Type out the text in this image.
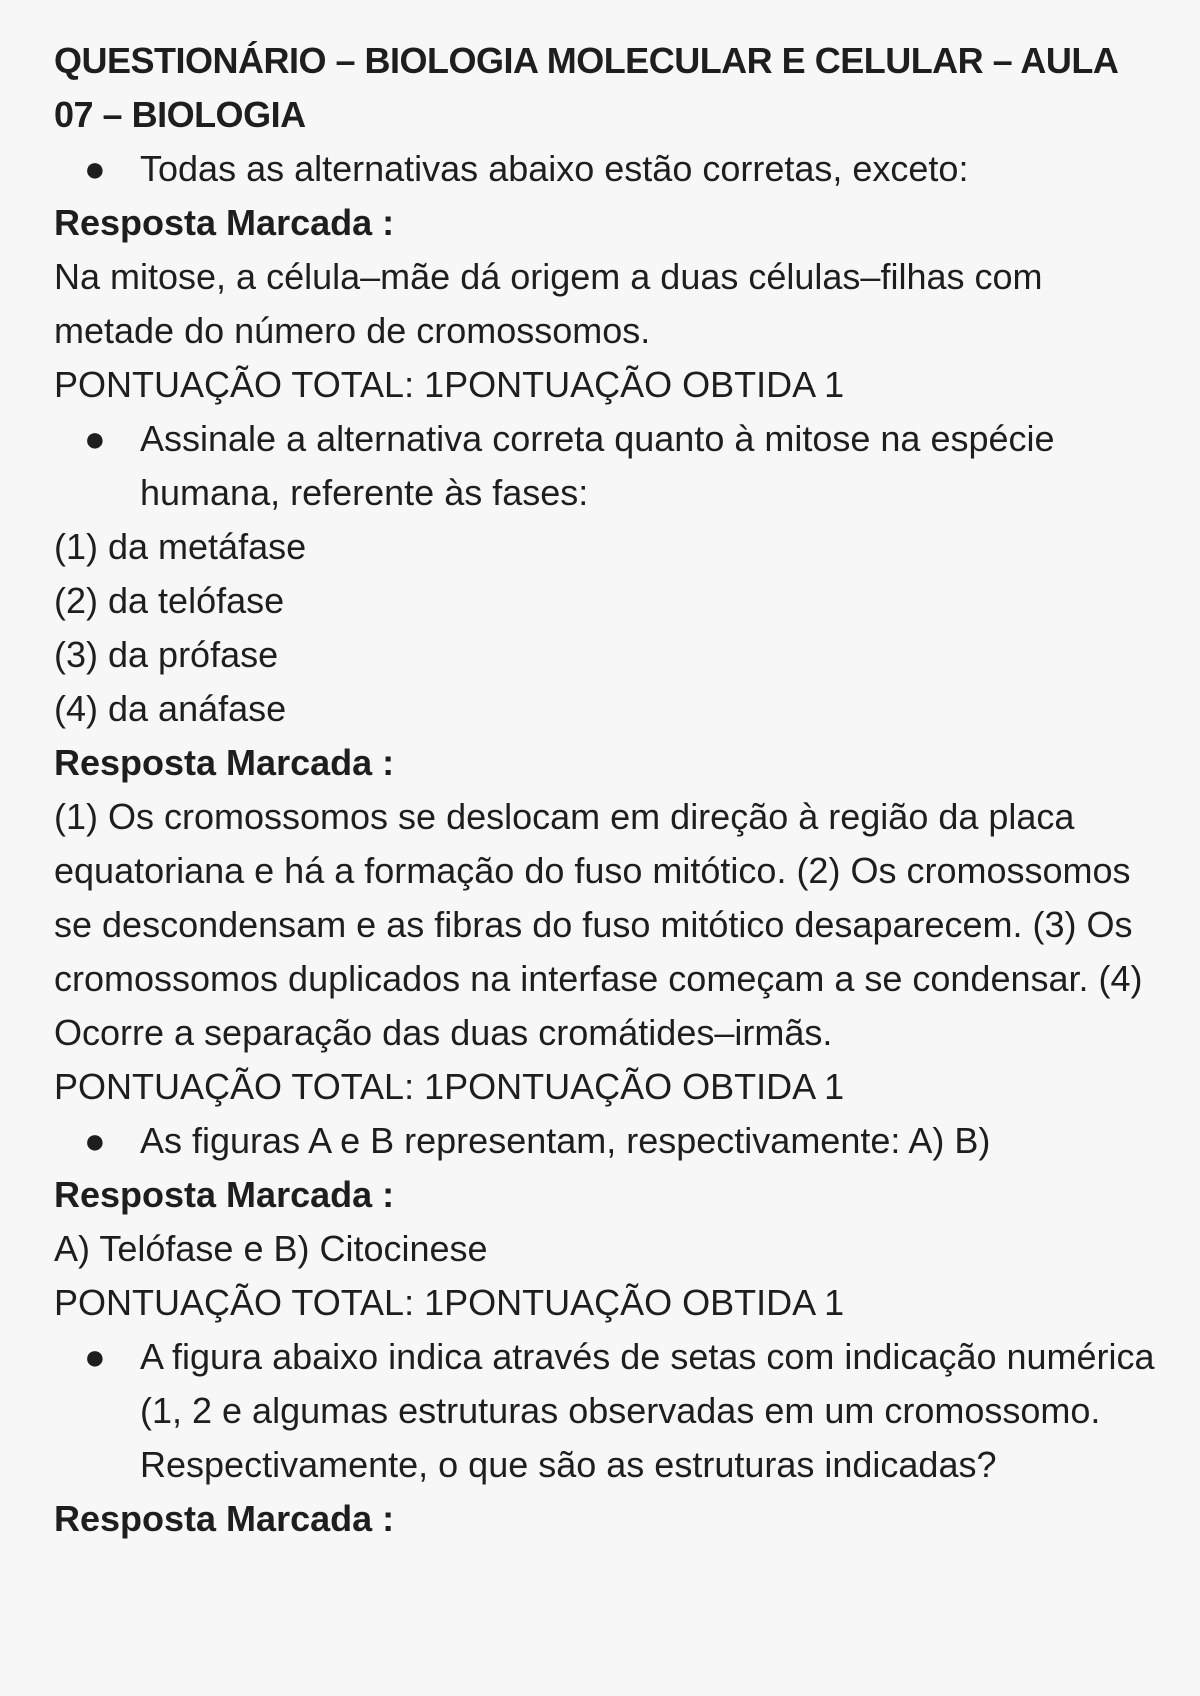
QUESTIONÁRIO – BIOLOGIA MOLECULAR E CELULAR – AULA 07 – BIOLOGIA
● Todas as alternativas abaixo estão corretas, exceto:

Resposta Marcada :

Na mitose, a célula–mãe dá origem a duas células–filhas com metade do número de cromossomos.

PONTUAÇÃO TOTAL: 1PONTUAÇÃO OBTIDA 1

● Assinale a alternativa correta quanto à mitose na espécie humana, referente às fases:

(1) da metáfase

(2) da telófase

(3) da prófase

(4) da anáfase

Resposta Marcada :

(1) Os cromossomos se deslocam em direção à região da placa equatoriana e há a formação do fuso mitótico. (2) Os cromossomos se descondensam e as fibras do fuso mitótico desaparecem. (3) Os cromossomos duplicados na interfase começam a se condensar. (4) Ocorre a separação das duas cromátides–irmãs.

PONTUAÇÃO TOTAL: 1PONTUAÇÃO OBTIDA 1

● As figuras A e B representam, respectivamente: A) B)

Resposta Marcada :

A) Telófase e B) Citocinese

PONTUAÇÃO TOTAL: 1PONTUAÇÃO OBTIDA 1

● A figura abaixo indica através de setas com indicação numérica (1, 2 e algumas estruturas observadas em um cromossomo. Respectivamente, o que são as estruturas indicadas?

Resposta Marcada :
